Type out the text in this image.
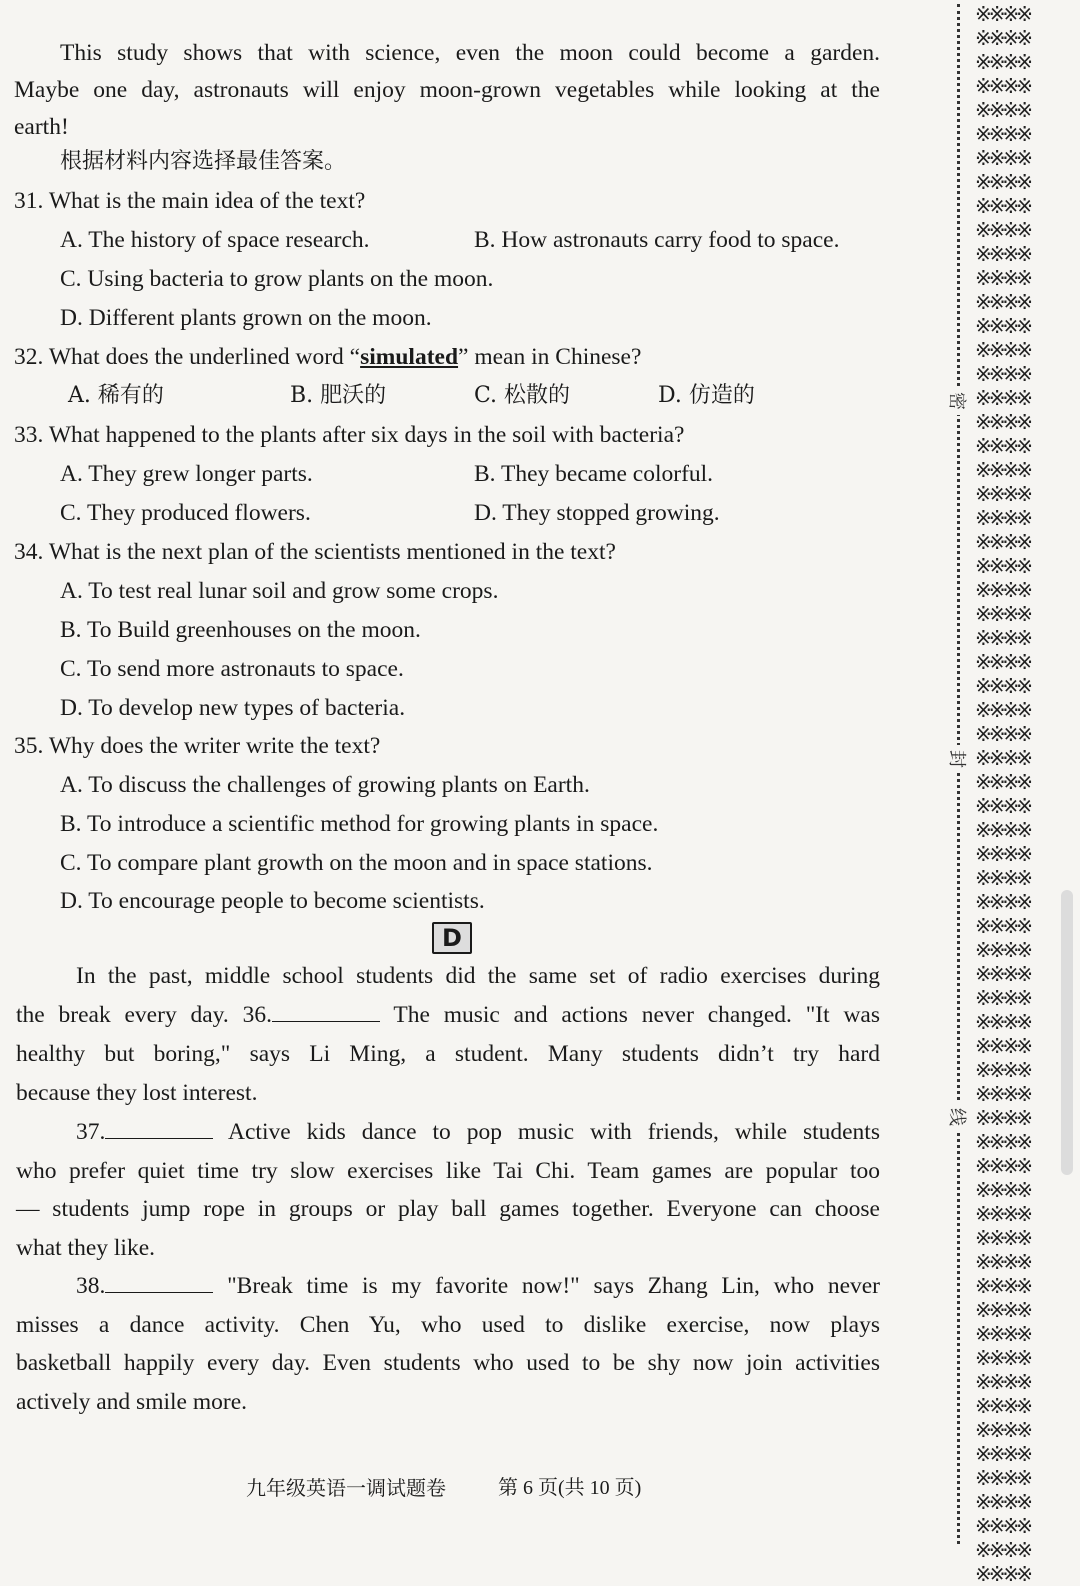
This study shows that with science, even the moon could become a garden.
Maybe one day, astronauts will enjoy moon-grown vegetables while looking at the
earth!
根据材料内容选择最佳答案。
31. What is the main idea of the text?
A. The history of space research.	B. How astronauts carry food to space.
C. Using bacteria to grow plants on the moon.
D. Different plants grown on the moon.
32. What does the underlined word “simulated” mean in Chinese?
A. 稀有的	B. 肥沃的	C. 松散的	D. 仿造的
33. What happened to the plants after six days in the soil with bacteria?
A. They grew longer parts.	B. They became colorful.
C. They produced flowers.	D. They stopped growing.
34. What is the next plan of the scientists mentioned in the text?
A. To test real lunar soil and grow some crops.
B. To Build greenhouses on the moon.
C. To send more astronauts to space.
D. To develop new types of bacteria.
35. Why does the writer write the text?
A. To discuss the challenges of growing plants on Earth.
B. To introduce a scientific method for growing plants in space.
C. To compare plant growth on the moon and in space stations.
D. To encourage people to become scientists.
D
In the past, middle school students did the same set of radio exercises during
the break every day. 36.	The music and actions never changed. "It was
healthy but boring," says Li Ming, a student. Many students didn’t try hard
because they lost interest.
37.	Active kids dance to pop music with friends, while students
who prefer quiet time try slow exercises like Tai Chi. Team games are popular too
— students jump rope in groups or play ball games together. Everyone can choose
what they like.
38.	"Break time is my favorite now!" says Zhang Lin, who never
misses a dance activity. Chen Yu, who used to dislike exercise, now plays
basketball happily every day. Even students who used to be shy now join activities
actively and smile more.
九年级英语一调试题卷	第 6 页(共 10 页)
※※※※
※※※※
※※※※
※※※※
※※※※
※※※※
※※※※
※※※※
※※※※
※※※※
※※※※
※※※※
※※※※
※※※※
※※※※
※※※※
※※※※
※※※※
※※※※
※※※※
※※※※
※※※※
※※※※
※※※※
※※※※
※※※※
※※※※
※※※※
※※※※
※※※※
※※※※
※※※※
※※※※
※※※※
※※※※
※※※※
※※※※
※※※※
※※※※
※※※※
※※※※
※※※※
※※※※
※※※※
※※※※
※※※※
※※※※
※※※※
※※※※
※※※※
※※※※
※※※※
※※※※
※※※※
※※※※
※※※※
※※※※
※※※※
※※※※
※※※※
※※※※
※※※※
※※※※
※※※※
※※※※
※※※※
密
封
线
